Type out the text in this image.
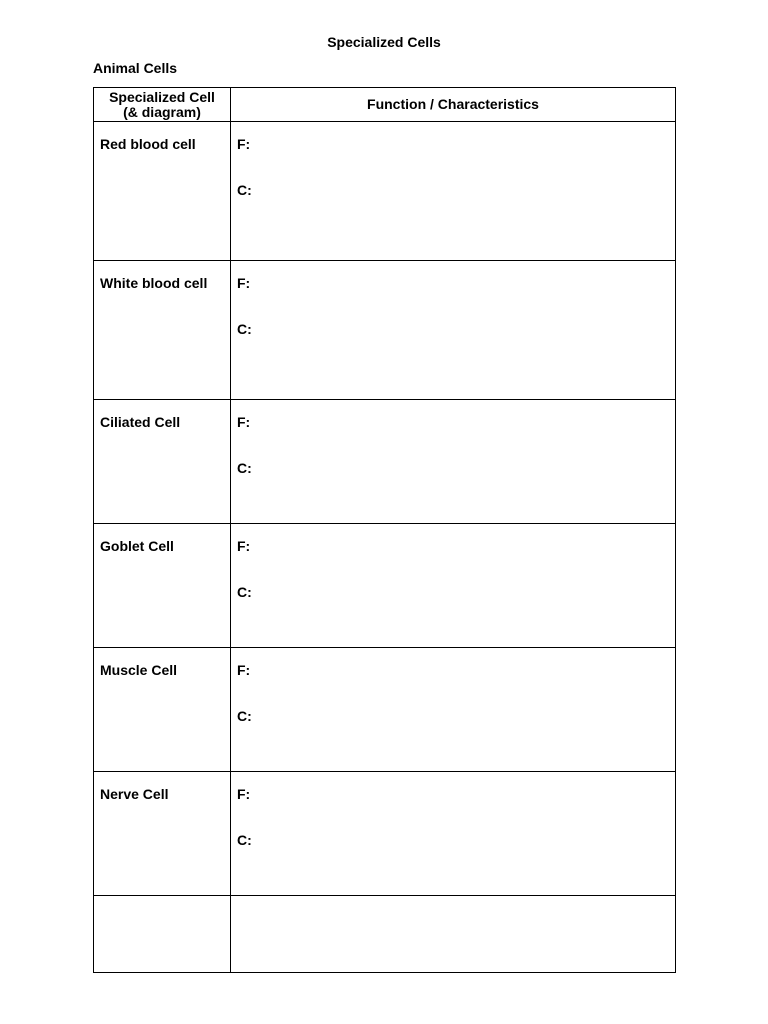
Specialized Cells
Animal Cells
Specialized Cell
(& diagram)	Function / Characteristics
Red blood cell	F:
C:

White blood cell	F:
C:

Ciliated Cell	F:
C:

Goblet Cell	F:
C:

Muscle Cell	F:
C:

Nerve Cell	F:
C:
